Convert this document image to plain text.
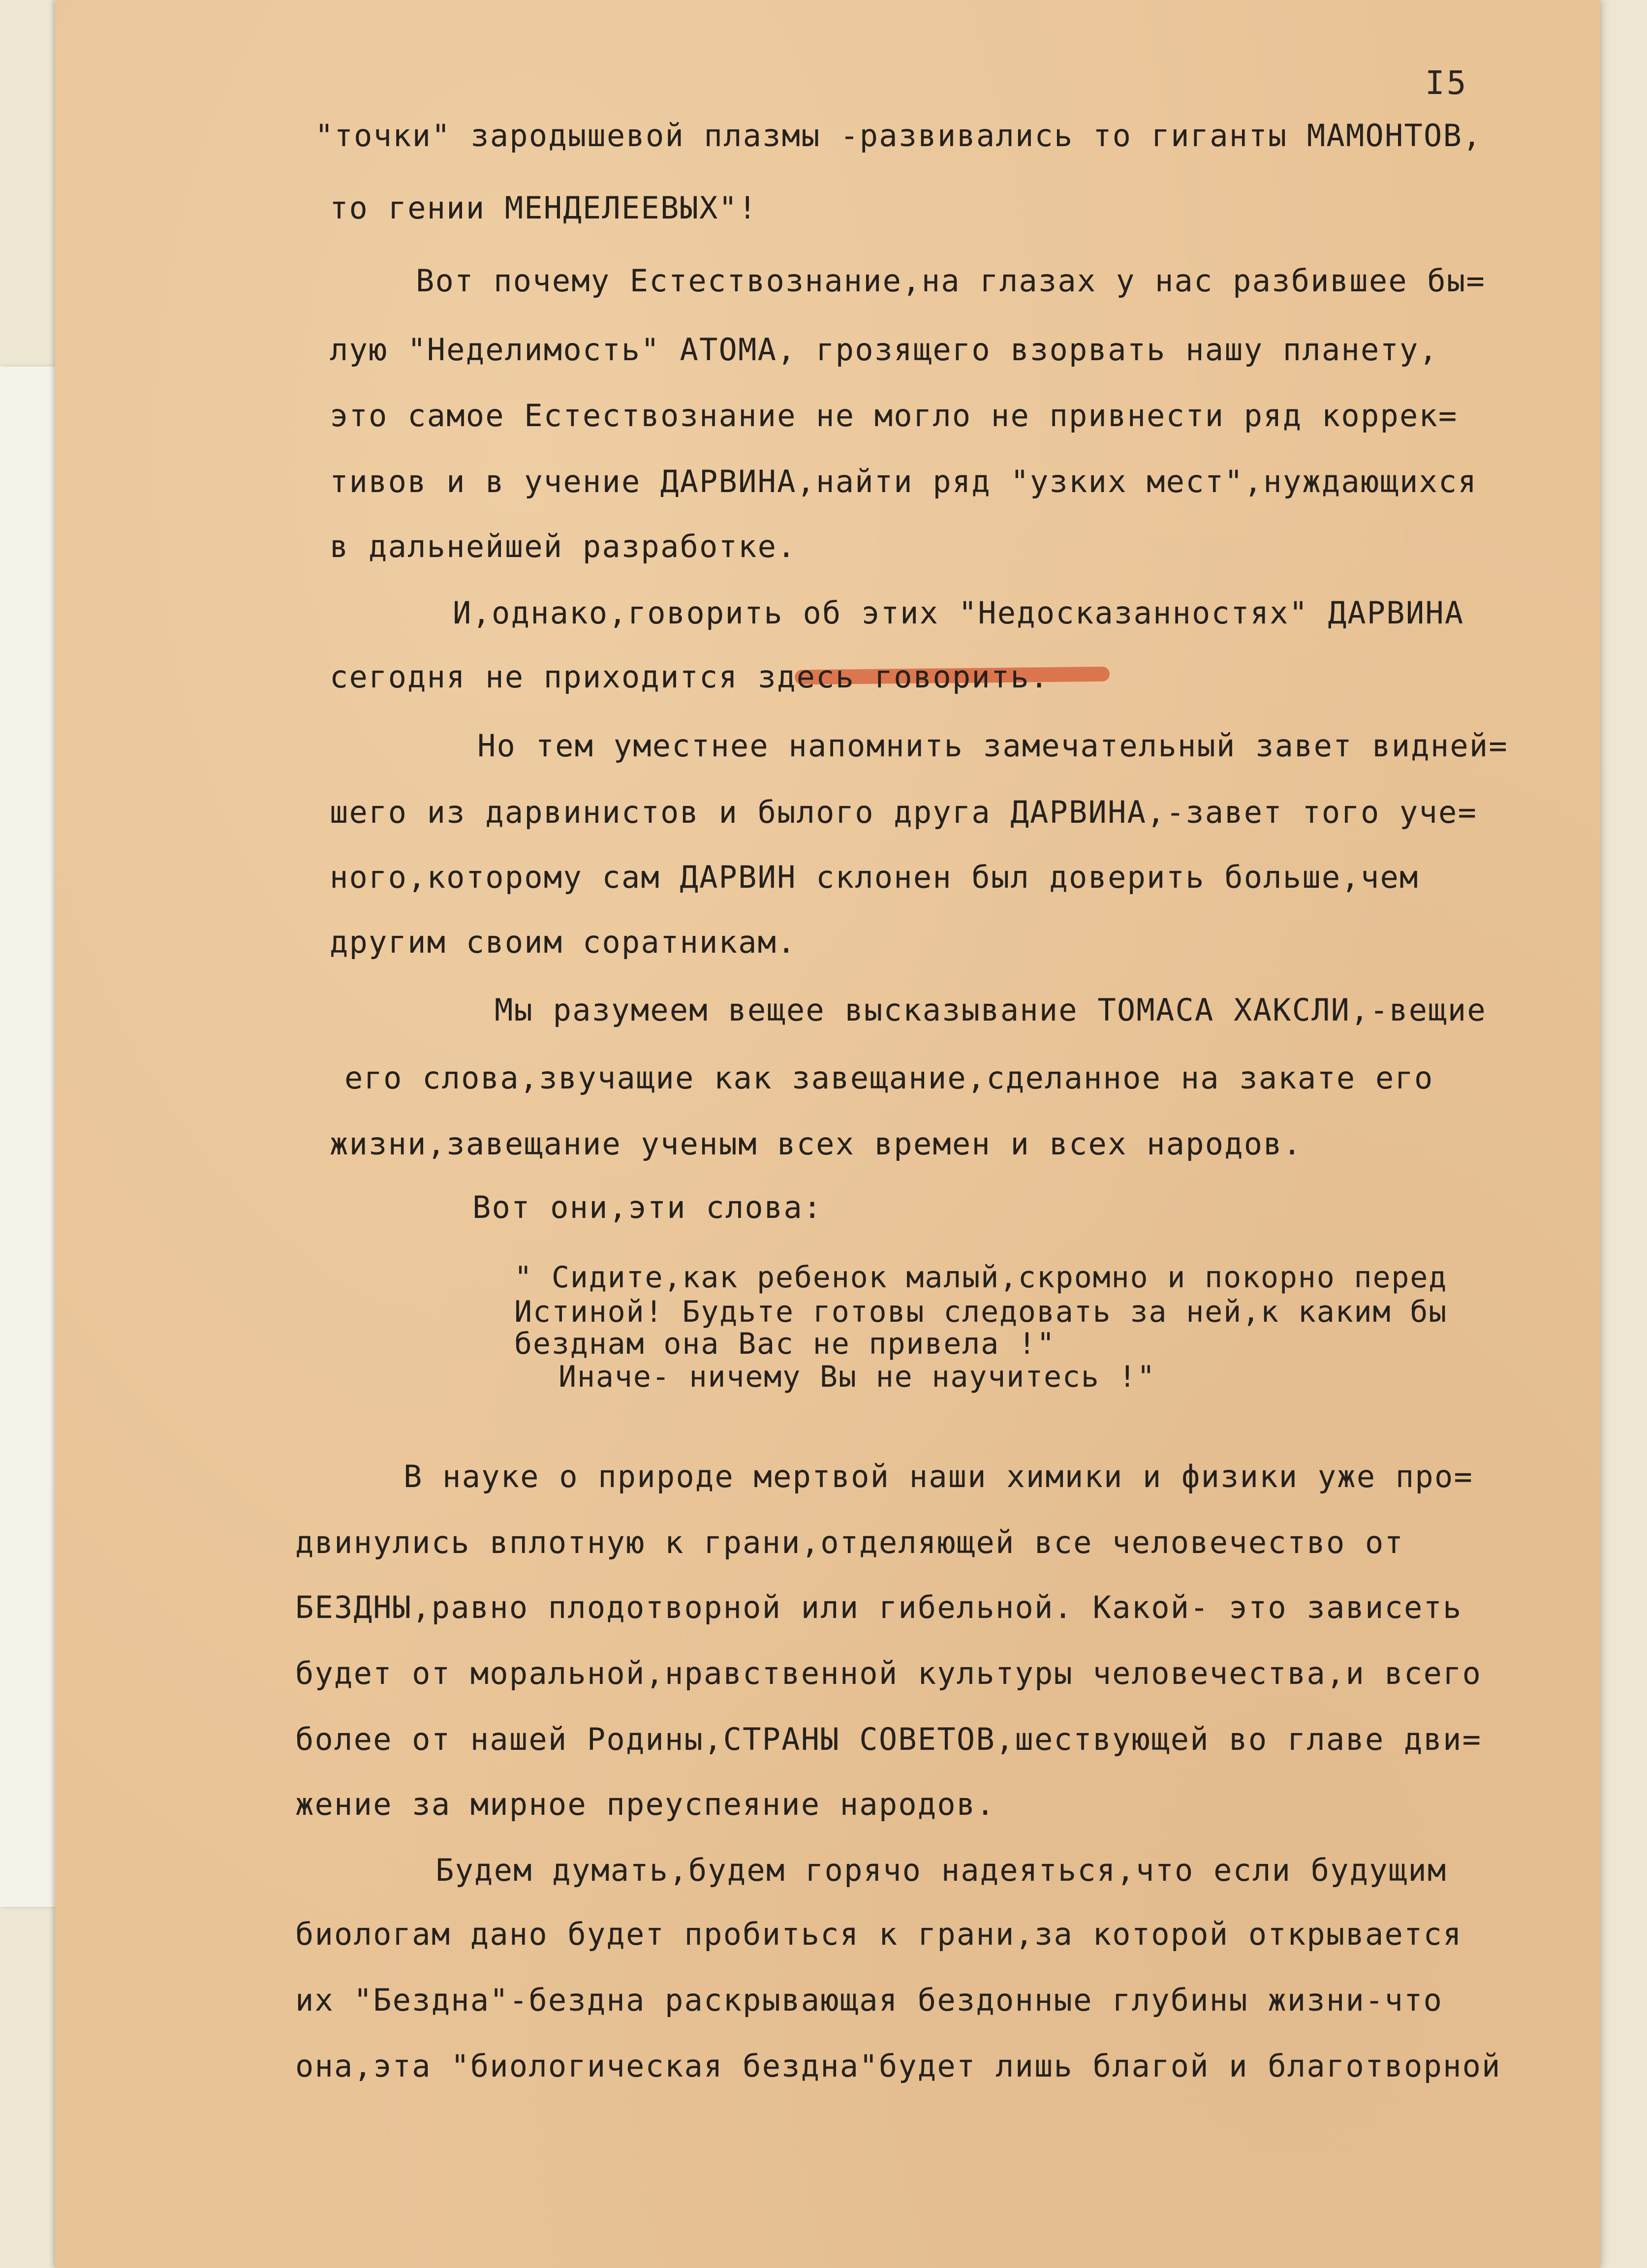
I5

"точки" зародышевой плазмы -развивались то гиганты МАМОНТОВ,

то гении МЕНДЕЛЕЕВЫХ"!

Вот почему Естествознание,на глазах у нас разбившее бы=

лую "Неделимость" АТОМА, грозящего взорвать нашу планету,

это самое Естествознание не могло не привнести ряд коррек=

тивов и в учение ДАРВИНА,найти ряд "узких мест",нуждающихся

в дальнейшей разработке.

И,однако,говорить об этих "Недосказанностях" ДАРВИНА

сегодня не приходится здесь говорить.

Но тем уместнее напомнить замечательный завет видней=

шего из дарвинистов и былого друга ДАРВИНА,-завет того уче=

ного,которому сам ДАРВИН склонен был доверить больше,чем

другим своим соратникам.

Мы разумеем вещее высказывание ТОМАСА ХАКСЛИ,-вещие

его слова,звучащие как завещание,сделанное на закате его

жизни,завещание ученым всех времен и всех народов.

Вот они,эти слова:

" Сидите,как ребенок малый,скромно и покорно перед

Истиной! Будьте готовы следовать за ней,к каким бы

безднам она Вас не привела !"

Иначе- ничему Вы не научитесь !"

В науке о природе мертвой наши химики и физики уже про=

двинулись вплотную к грани,отделяющей все человечество от

БЕЗДНЫ,равно плодотворной или гибельной. Какой- это зависеть

будет от моральной,нравственной культуры человечества,и всего

более от нашей Родины,СТРАНЫ СОВЕТОВ,шествующей во главе дви=

жение за мирное преуспеяние народов.

Будем думать,будем горячо надеяться,что если будущим

биологам дано будет пробиться к грани,за которой открывается

их "Бездна"-бездна раскрывающая бездонные глубины жизни-что

она,эта "биологическая бездна"будет лишь благой и благотворной
